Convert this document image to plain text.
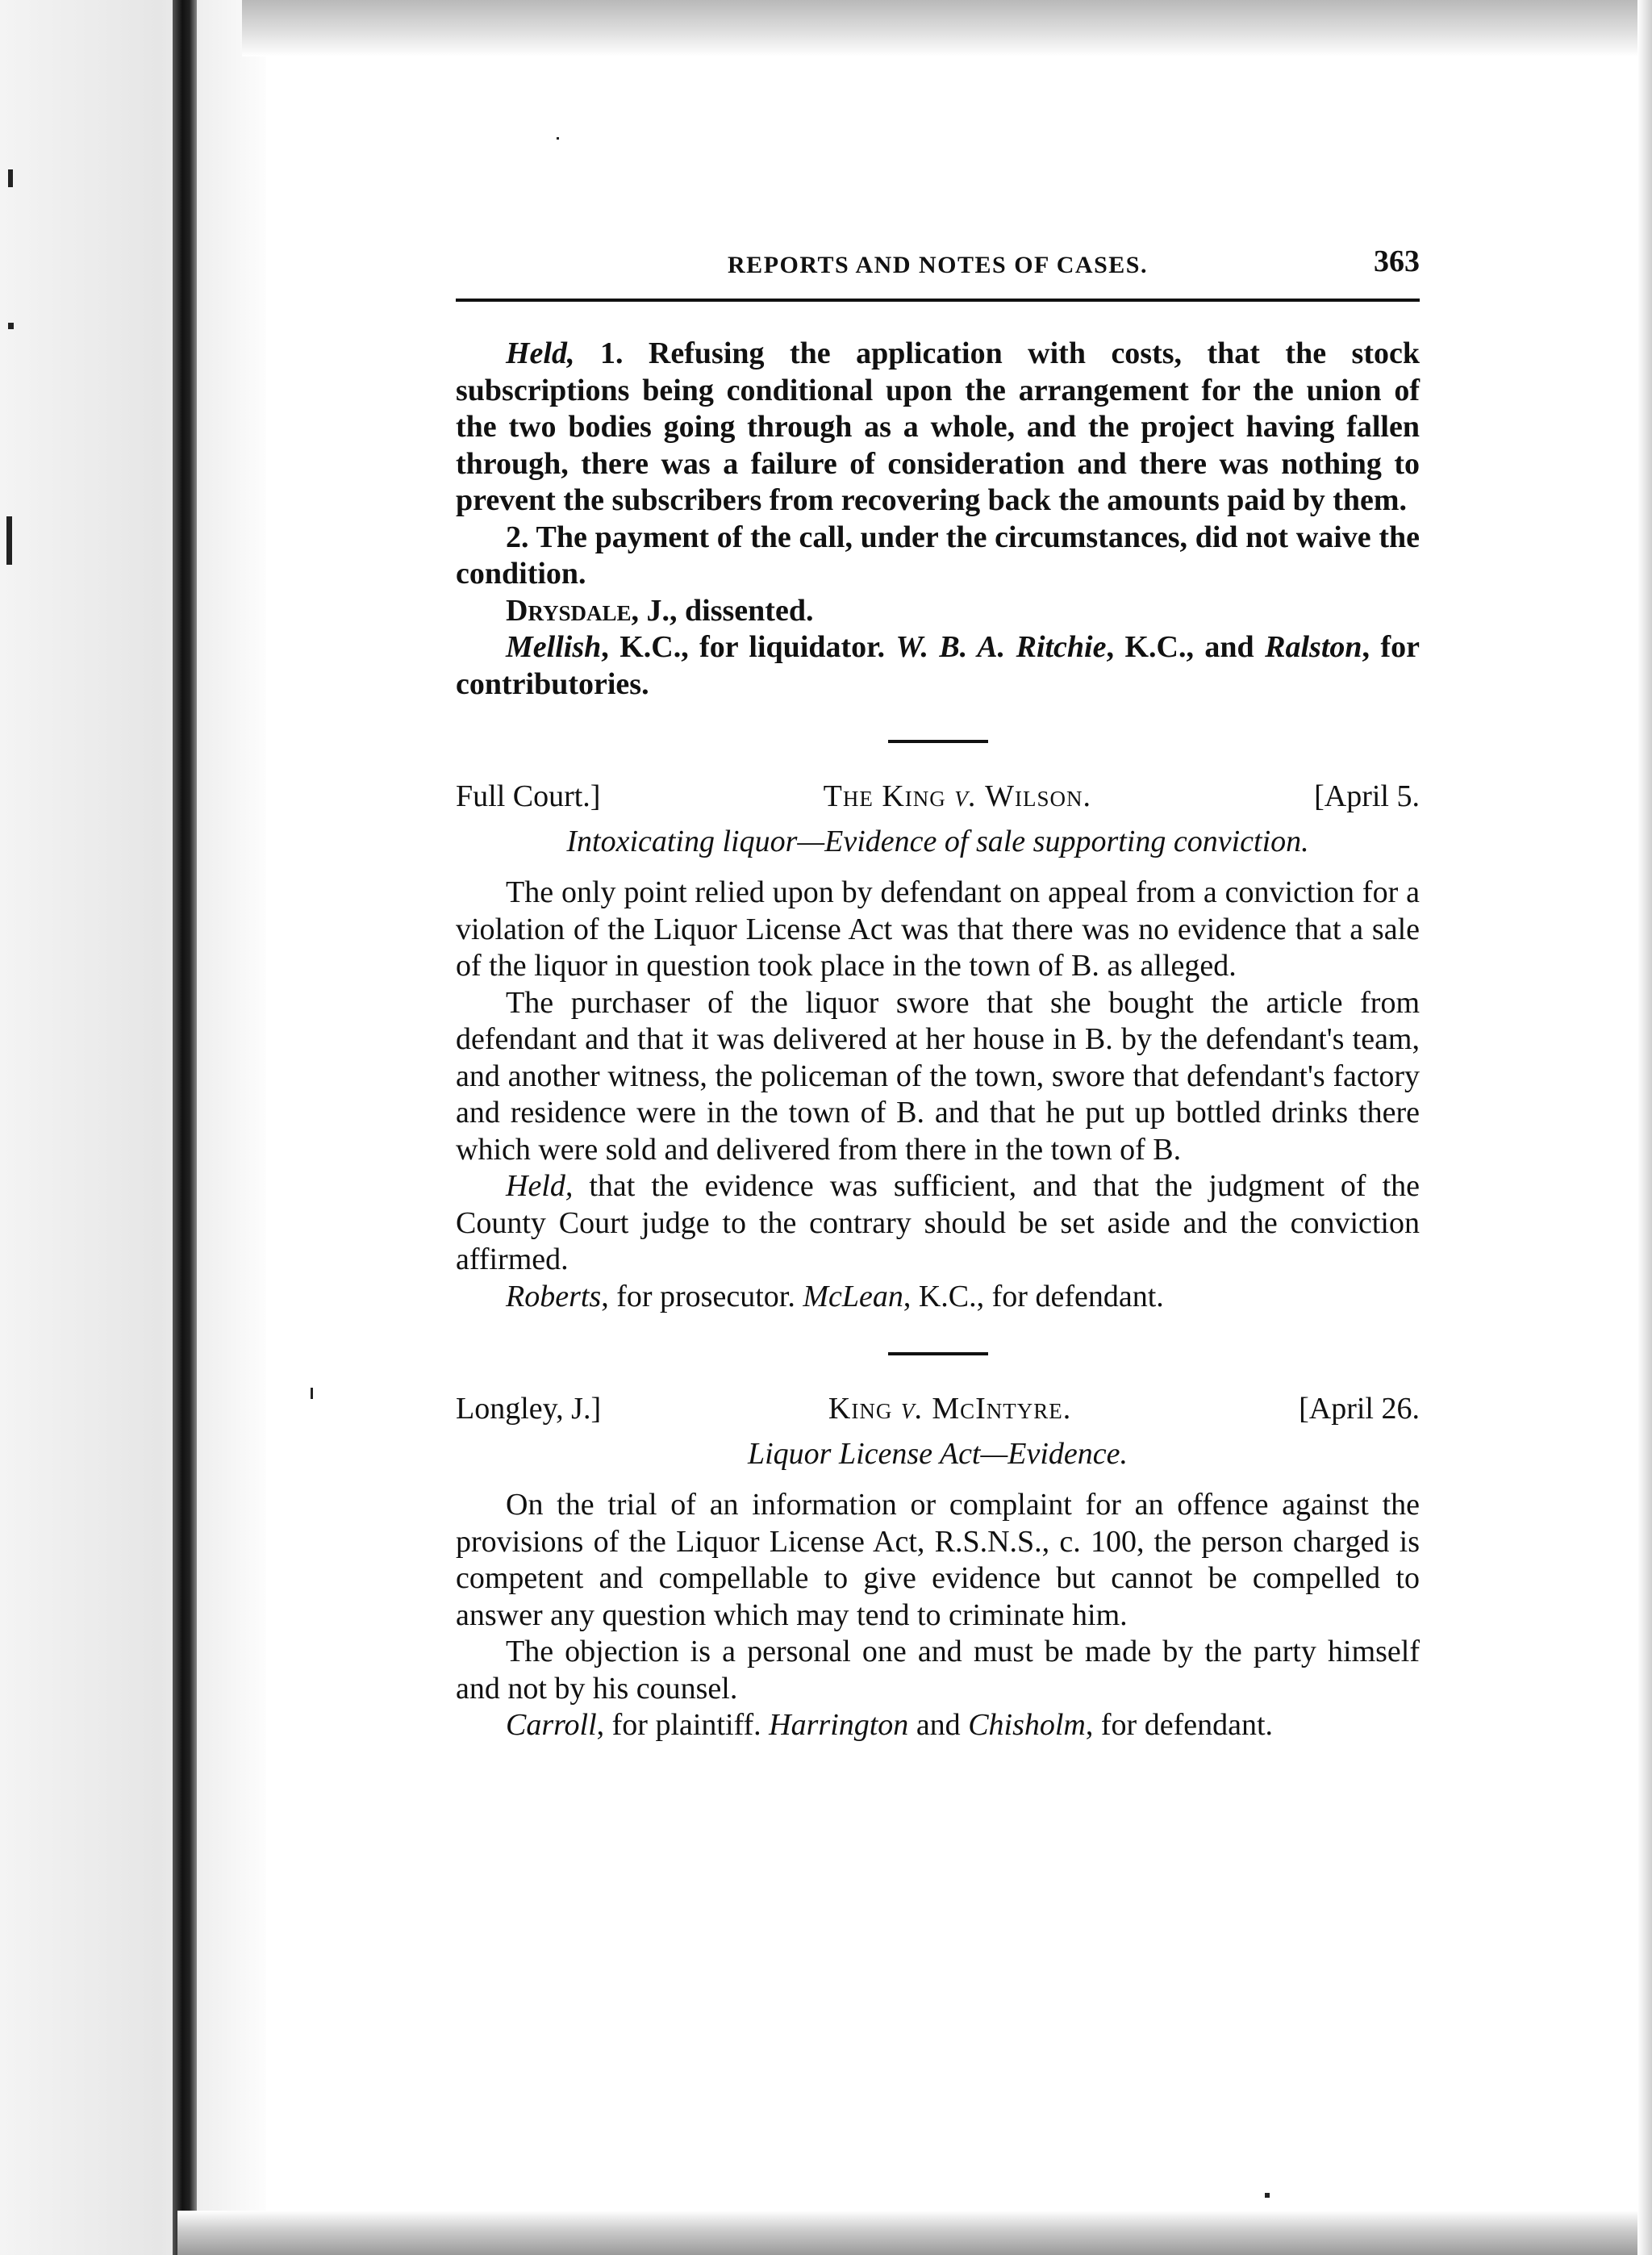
REPORTS AND NOTES OF CASES.	363

Held, 1. Refusing the application with costs, that the stock subscriptions being conditional upon the arrangement for the union of the two bodies going through as a whole, and the project having fallen through, there was a failure of consideration and there was nothing to prevent the subscribers from recovering back the amounts paid by them.

2. The payment of the call, under the circumstances, did not waive the condition.

Drysdale, J., dissented.

Mellish, K.C., for liquidator. W. B. A. Ritchie, K.C., and Ralston, for contributories.

Full Court.]	The King v. Wilson.	[April 5.
Intoxicating liquor—Evidence of sale supporting conviction.

The only point relied upon by defendant on appeal from a conviction for a violation of the Liquor License Act was that there was no evidence that a sale of the liquor in question took place in the town of B. as alleged.

The purchaser of the liquor swore that she bought the article from defendant and that it was delivered at her house in B. by the defendant's team, and another witness, the policeman of the town, swore that defendant's factory and residence were in the town of B. and that he put up bottled drinks there which were sold and delivered from there in the town of B.

Held, that the evidence was sufficient, and that the judgment of the County Court judge to the contrary should be set aside and the conviction affirmed.

Roberts, for prosecutor. McLean, K.C., for defendant.

Longley, J.]	King v. McIntyre.	[April 26.
Liquor License Act—Evidence.

On the trial of an information or complaint for an offence against the provisions of the Liquor License Act, R.S.N.S., c. 100, the person charged is competent and compellable to give evidence but cannot be compelled to answer any question which may tend to criminate him.

The objection is a personal one and must be made by the party himself and not by his counsel.

Carroll, for plaintiff. Harrington and Chisholm, for defendant.
